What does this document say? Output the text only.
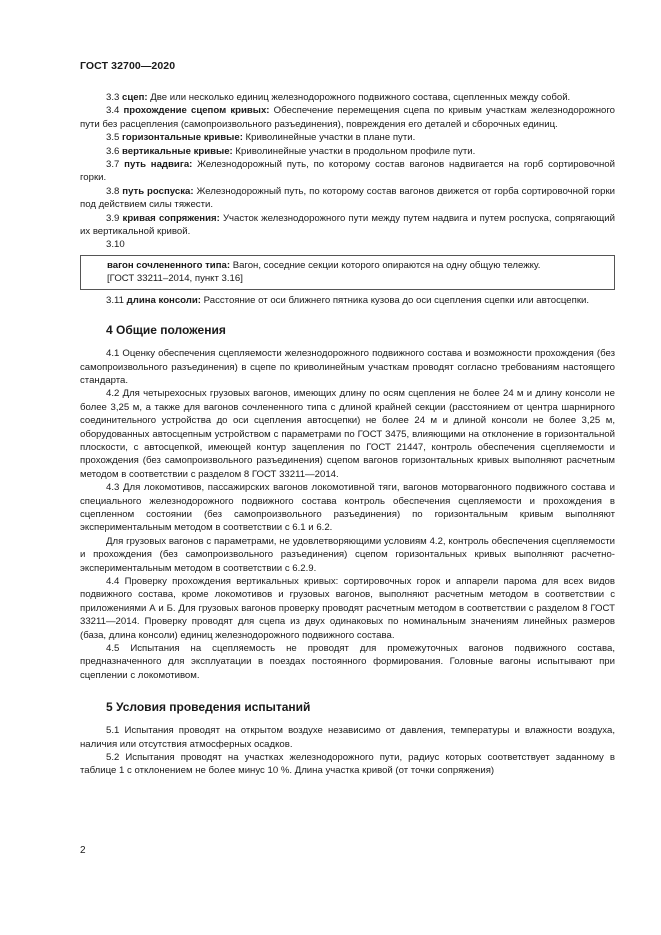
ГОСТ 32700—2020

3.3 сцеп: Две или несколько единиц железнодорожного подвижного состава, сцепленных между собой.

3.4 прохождение сцепом кривых: Обеспечение перемещения сцепа по кривым участкам железнодорожного пути без расцепления (самопроизвольного разъединения), повреждения его деталей и сборочных единиц.

3.5 горизонтальные кривые: Криволинейные участки в плане пути.

3.6 вертикальные кривые: Криволинейные участки в продольном профиле пути.

3.7 путь надвига: Железнодорожный путь, по которому состав вагонов надвигается на горб сортировочной горки.

3.8 путь роспуска: Железнодорожный путь, по которому состав вагонов движется от горба сортировочной горки под действием силы тяжести.

3.9 кривая сопряжения: Участок железнодорожного пути между путем надвига и путем роспуска, сопрягающий их вертикальной кривой.

3.10

вагон сочлененного типа: Вагон, соседние секции которого опираются на одну общую тележку.

[ГОСТ 33211–2014, пункт 3.16]

3.11 длина консоли: Расстояние от оси ближнего пятника кузова до оси сцепления сцепки или автосцепки.

4 Общие положения

4.1 Оценку обеспечения сцепляемости железнодорожного подвижного состава и возможности прохождения (без самопроизвольного разъединения) в сцепе по криволинейным участкам проводят согласно требованиям настоящего стандарта.

4.2 Для четырехосных грузовых вагонов, имеющих длину по осям сцепления не более 24 м и длину консоли не более 3,25 м, а также для вагонов сочлененного типа с длиной крайней секции (расстоянием от центра шарнирного соединительного устройства до оси сцепления автосцепки) не более 24 м и длиной консоли не более 3,25 м, оборудованных автосцепным устройством с параметрами по ГОСТ 3475, влияющими на отклонение в горизонтальной плоскости, с автосцепкой, имеющей контур зацепления по ГОСТ 21447, контроль обеспечения сцепляемости и прохождения (без самопроизвольного разъединения) сцепом вагонов горизонтальных кривых выполняют расчетным методом в соответствии с разделом 8 ГОСТ 33211—2014.

4.3 Для локомотивов, пассажирских вагонов локомотивной тяги, вагонов моторвагонного подвижного состава и специального железнодорожного подвижного состава контроль обеспечения сцепляемости и прохождения в сцепленном состоянии (без самопроизвольного разъединения) по горизонтальным кривым выполняют экспериментальным методом в соответствии с 6.1 и 6.2.

Для грузовых вагонов с параметрами, не удовлетворяющими условиям 4.2, контроль обеспечения сцепляемости и прохождения (без самопроизвольного разъединения) сцепом горизонтальных кривых выполняют расчетно-экспериментальным методом в соответствии с 6.2.9.

4.4 Проверку прохождения вертикальных кривых: сортировочных горок и аппарели парома для всех видов подвижного состава, кроме локомотивов и грузовых вагонов, выполняют расчетным методом в соответствии с приложениями А и Б. Для грузовых вагонов проверку проводят расчетным методом в соответствии с разделом 8 ГОСТ 33211—2014. Проверку проводят для сцепа из двух одинаковых по номинальным значениям линейных размеров (база, длина консоли) единиц железнодорожного подвижного состава.

4.5 Испытания на сцепляемость не проводят для промежуточных вагонов подвижного состава, предназначенного для эксплуатации в поездах постоянного формирования. Головные вагоны испытывают при сцеплении с локомотивом.

5 Условия проведения испытаний

5.1 Испытания проводят на открытом воздухе независимо от давления, температуры и влажности воздуха, наличия или отсутствия атмосферных осадков.

5.2 Испытания проводят на участках железнодорожного пути, радиус которых соответствует заданному в таблице 1 с отклонением не более минус 10 %. Длина участка кривой (от точки сопряжения)

2
